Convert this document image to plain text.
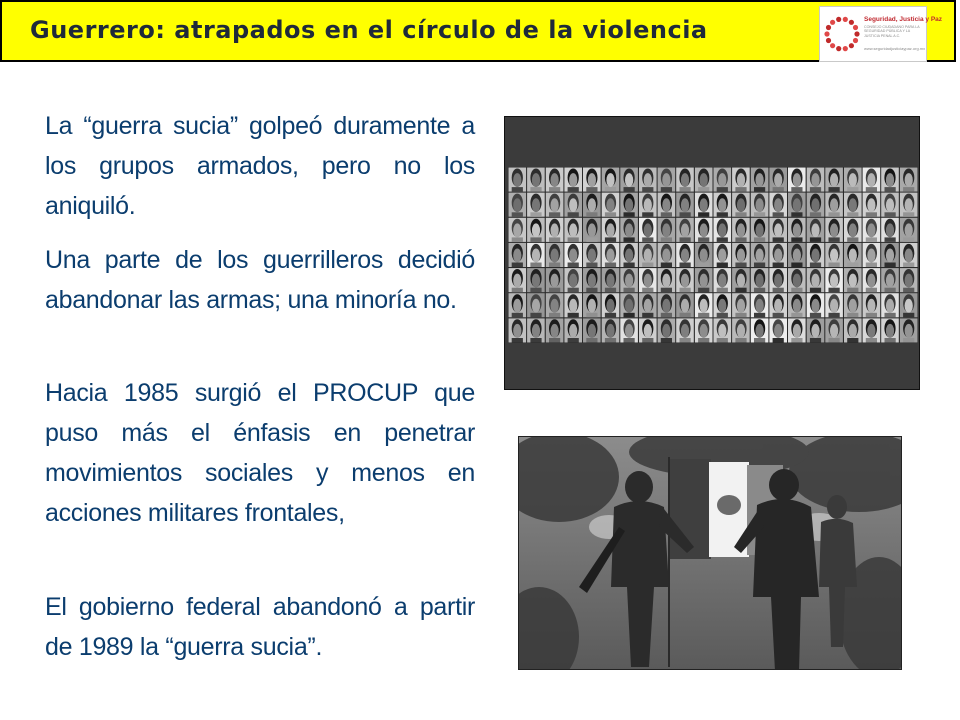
Guerrero: atrapados en el círculo de la violencia	Seguridad, Justicia y Paz
CONSEJO CIUDADANO PARA LA SEGURIDAD PÚBLICA Y LA JUSTICIA PENAL A.C.
www.seguridadjusticiaypaz.org.mx

La “guerra sucia” golpeó duramente a los grupos armados, pero no los aniquiló.

Una parte de los guerrilleros decidió abandonar las armas; una minoría no.

Hacia 1985 surgió el PROCUP que puso más el énfasis en penetrar movimientos sociales y menos en acciones militares frontales,

El gobierno federal abandonó a partir de 1989 la “guerra sucia”.
